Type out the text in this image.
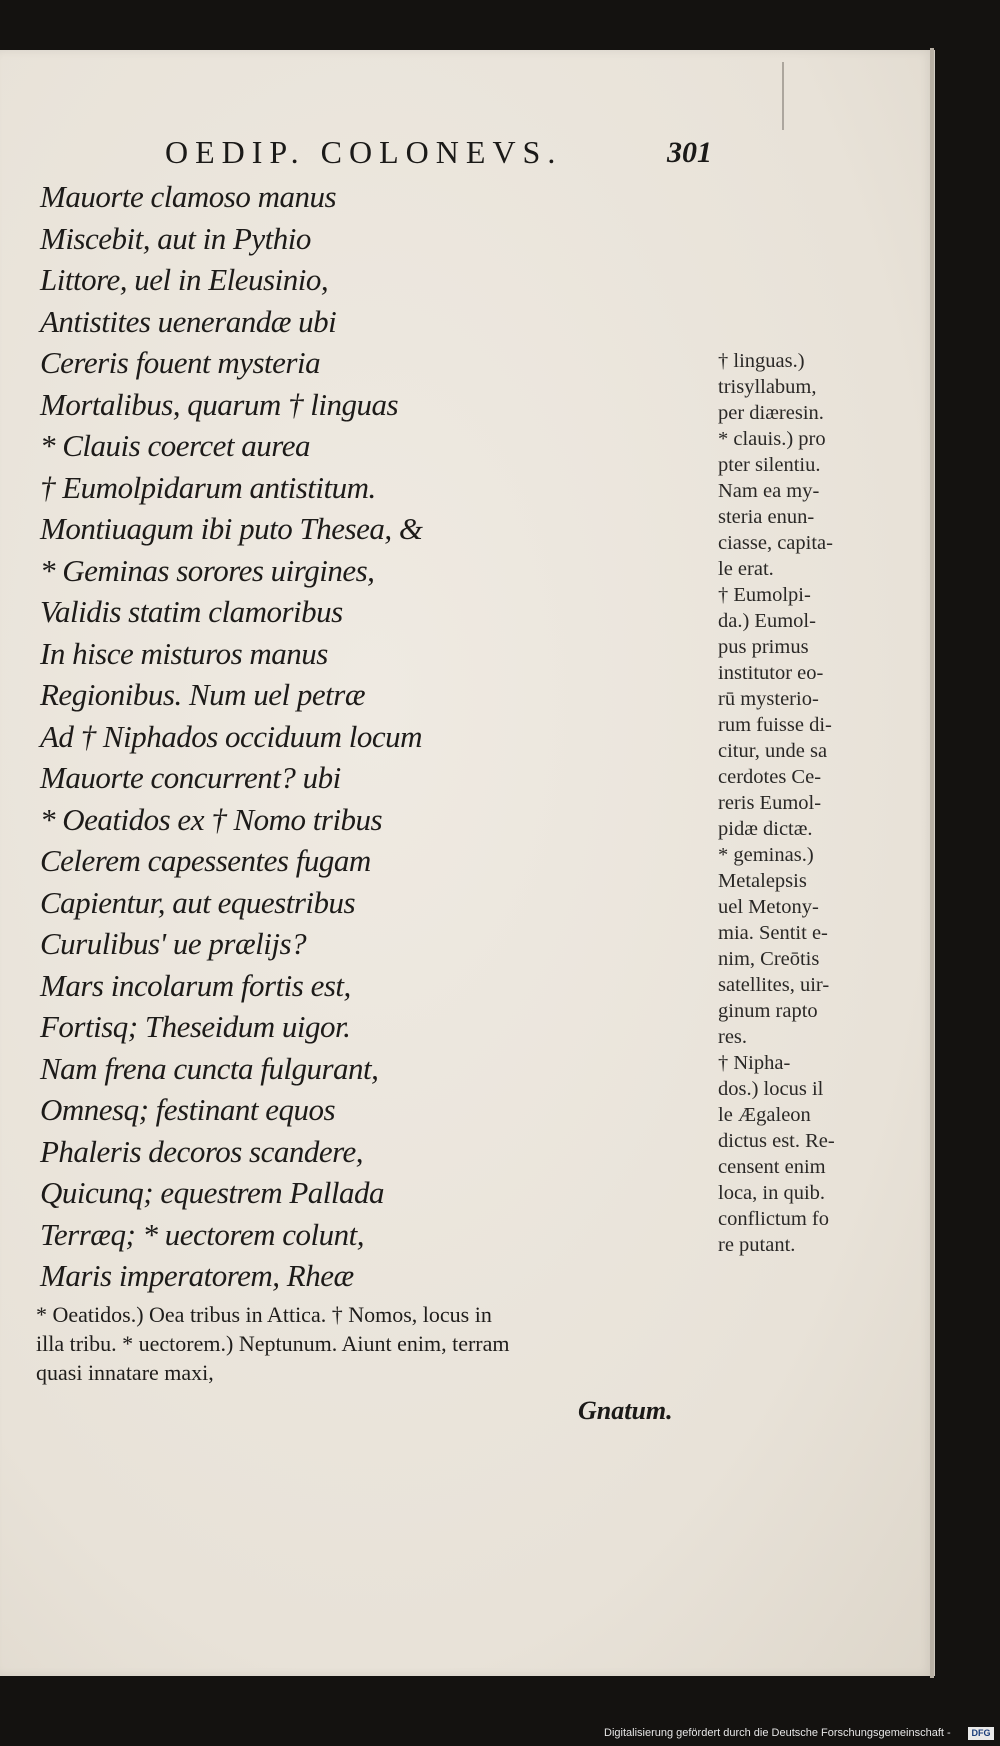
OEDIP. COLONEVS.	301
Mauorte clamoso manus
Miscebit, aut in Pythio
Littore, uel in Eleusinio,
Antistites uenerandæ ubi
Cereris fouent mysteria
Mortalibus, quarum † linguas
* Clauis coercet aurea
† Eumolpidarum antistitum.
Montiuagum ibi puto Thesea, &
* Geminas sorores uirgines,
Validis statim clamoribus
In hisce misturos manus
Regionibus. Num uel petræ
Ad † Niphados occiduum locum
Mauorte concurrent? ubi
* Oeatidos ex † Nomo tribus
Celerem capessentes fugam
Capientur, aut equestribus
Curulibus' ue prælijs?
Mars incolarum fortis est,
Fortisq; Theseidum uigor.
Nam frena cuncta fulgurant,
Omnesq; festinant equos
Phaleris decoros scandere,
Quicunq; equestrem Pallada
Terræq; * uectorem colunt,
Maris imperatorem, Rheæ
† linguas.)
trisyllabum,
per diæresin.
* clauis.) pro
pter silentiu.
Nam ea my-
steria enun-
ciasse, capita-
le erat.
† Eumolpi-
da.) Eumol-
pus primus
institutor eo-
rū mysterio-
rum fuisse di-
citur, unde sa
cerdotes Ce-
reris Eumol-
pidæ dictæ.
* geminas.)
Metalepsis
uel Metony-
mia. Sentit e-
nim, Creōtis
satellites, uir-
ginum rapto
res.
† Nipha-
dos.) locus il
le Ægaleon
dictus est. Re-
censent enim
loca, in quib.
conflictum fo
re putant.
* Oeatidos.) Oea tribus in Attica. † Nomos, locus in
illa tribu. * uectorem.) Neptunum. Aiunt enim, terram
quasi innatare maxi,
Gnatum.
Digitalisierung gefördert durch die Deutsche Forschungsgemeinschaft -	DFG
